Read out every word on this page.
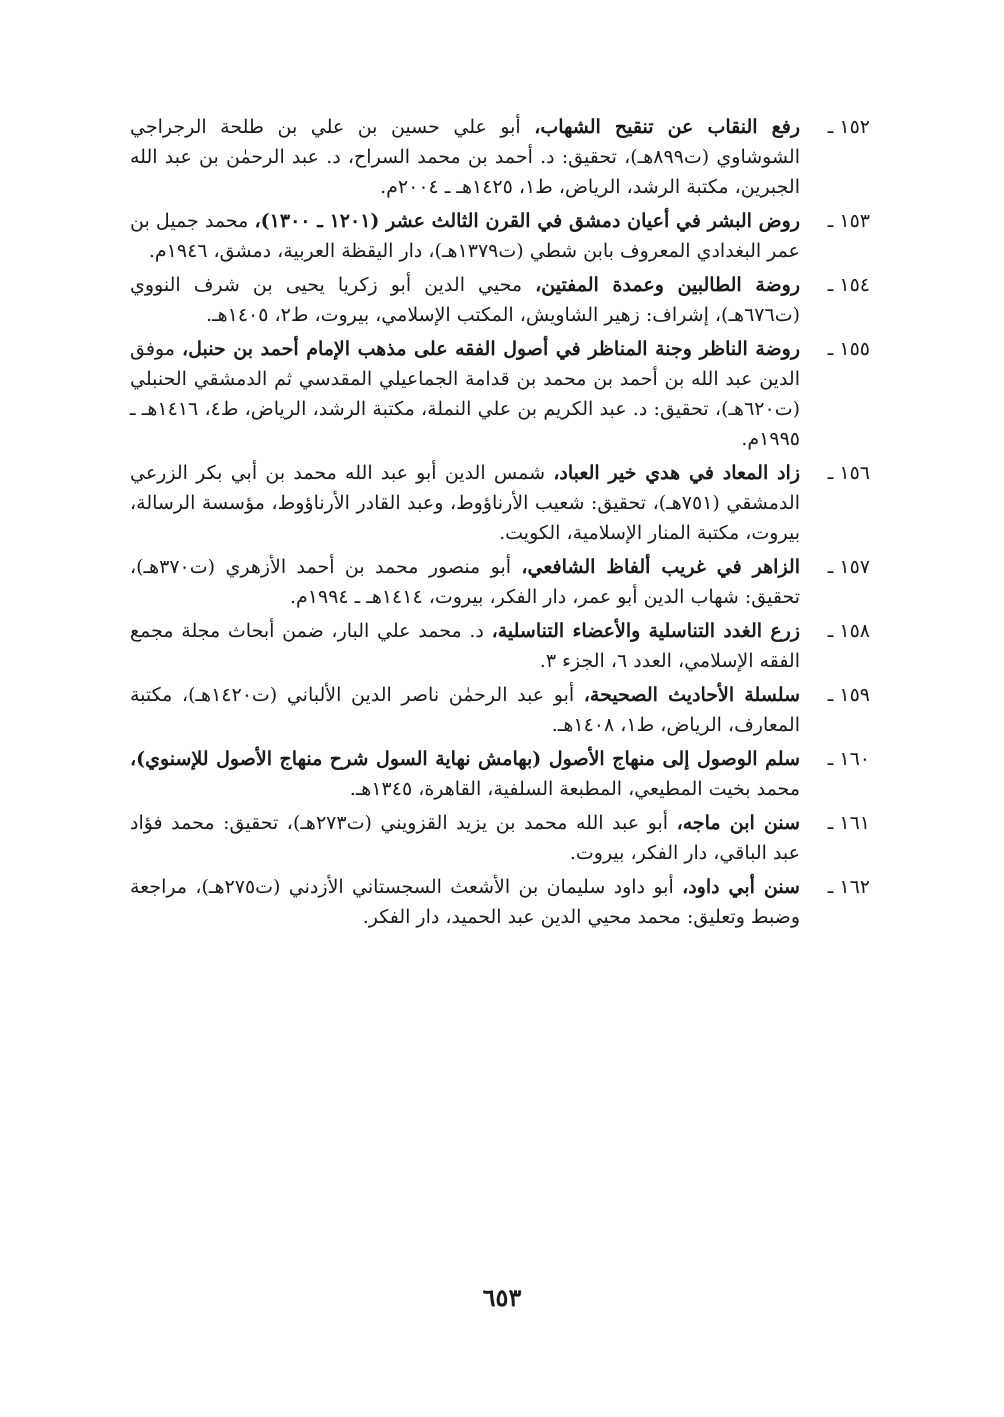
١٥٢ ـ
رفع النقاب عن تنقيح الشهاب، أبو علي حسين بن علي بن طلحة الرجراجي الشوشاوي (ت٨٩٩هـ)، تحقيق: د. أحمد بن محمد السراح، د. عبد الرحمٰن بن عبد الله الجبرين، مكتبة الرشد، الرياض، ط١، ١٤٢٥هـ ـ ٢٠٠٤م.
١٥٣ ـ
روض البشر في أعيان دمشق في القرن الثالث عشر (١٢٠١ ـ ١٣٠٠)، محمد جميل بن عمر البغدادي المعروف بابن شطي (ت١٣٧٩هـ)، دار اليقظة العربية، دمشق، ١٩٤٦م.
١٥٤ ـ
روضة الطالبين وعمدة المفتين، محيي الدين أبو زكريا يحيى بن شرف النووي (ت٦٧٦هـ)، إشراف: زهير الشاويش، المكتب الإسلامي، بيروت، ط٢، ١٤٠٥هـ.
١٥٥ ـ
روضة الناظر وجنة المناظر في أصول الفقه على مذهب الإمام أحمد بن حنبل، موفق الدين عبد الله بن أحمد بن محمد بن قدامة الجماعيلي المقدسي ثم الدمشقي الحنبلي (ت٦٢٠هـ)، تحقيق: د. عبد الكريم بن علي النملة، مكتبة الرشد، الرياض، ط٤، ١٤١٦هـ ـ ١٩٩٥م.
١٥٦ ـ
زاد المعاد في هدي خير العباد، شمس الدين أبو عبد الله محمد بن أبي بكر الزرعي الدمشقي (٧٥١هـ)، تحقيق: شعيب الأرناؤوط، وعبد القادر الأرناؤوط، مؤسسة الرسالة، بيروت، مكتبة المنار الإسلامية، الكويت.
١٥٧ ـ
الزاهر في غريب ألفاظ الشافعي، أبو منصور محمد بن أحمد الأزهري (ت٣٧٠هـ)، تحقيق: شهاب الدين أبو عمر، دار الفكر، بيروت، ١٤١٤هـ ـ ١٩٩٤م.
١٥٨ ـ
زرع الغدد التناسلية والأعضاء التناسلية، د. محمد علي البار، ضمن أبحاث مجلة مجمع الفقه الإسلامي، العدد ٦، الجزء ٣.
١٥٩ ـ
سلسلة الأحاديث الصحيحة، أبو عبد الرحمٰن ناصر الدين الألباني (ت١٤٢٠هـ)، مكتبة المعارف، الرياض، ط١، ١٤٠٨هـ.
١٦٠ ـ
سلم الوصول إلى منهاج الأصول (بهامش نهاية السول شرح منهاج الأصول للإسنوي)، محمد بخيت المطيعي، المطبعة السلفية، القاهرة، ١٣٤٥هـ.
١٦١ ـ
سنن ابن ماجه، أبو عبد الله محمد بن يزيد القزويني (ت٢٧٣هـ)، تحقيق: محمد فؤاد عبد الباقي، دار الفكر، بيروت.
١٦٢ ـ
سنن أبي داود، أبو داود سليمان بن الأشعث السجستاني الأزدني (ت٢٧٥هـ)، مراجعة وضبط وتعليق: محمد محيي الدين عبد الحميد، دار الفكر.
٦٥٣
